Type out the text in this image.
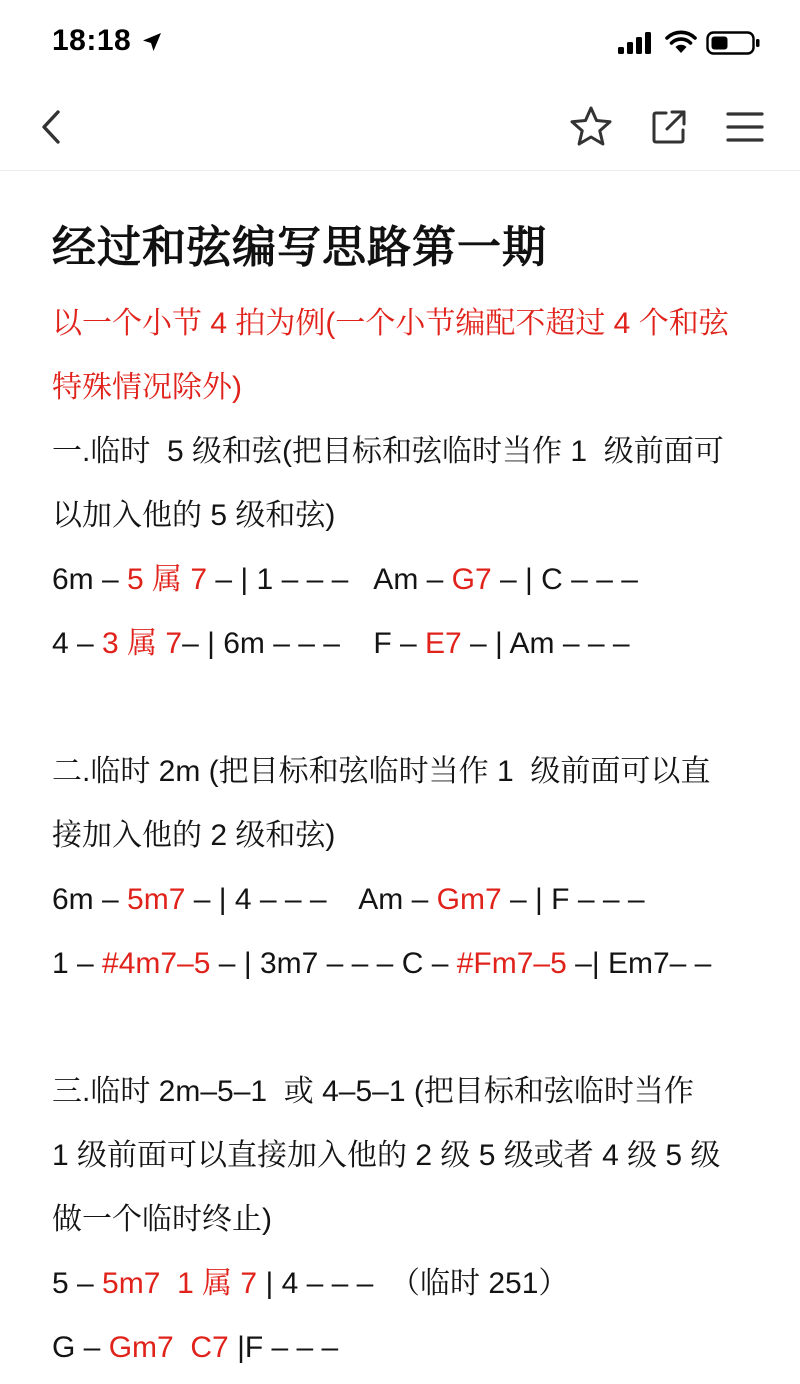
18:18
经过和弦编写思路第一期
以一个小节 4 拍为例(一个小节编配不超过 4 个和弦
特殊情况除外)
一.临时  5 级和弦(把目标和弦临时当作 1  级前面可
以加入他的 5 级和弦)
6m – 5 属 7 – | 1 – – –   Am – G7 – | C – – –
4 – 3 属 7– | 6m – – –    F – E7 – | Am – – –
二.临时 2m (把目标和弦临时当作 1  级前面可以直
接加入他的 2 级和弦)
6m – 5m7 – | 4 – – –    Am – Gm7 – | F – – –
1 – #4m7–5 – | 3m7 – – – C – #Fm7–5 –| Em7– –
三.临时 2m–5–1  或 4–5–1 (把目标和弦临时当作
1 级前面可以直接加入他的 2 级 5 级或者 4 级 5 级
做一个临时终止)
5 – 5m7  1 属 7 | 4 – – –  （临时 251）
G – Gm7  C7 |F – – –
